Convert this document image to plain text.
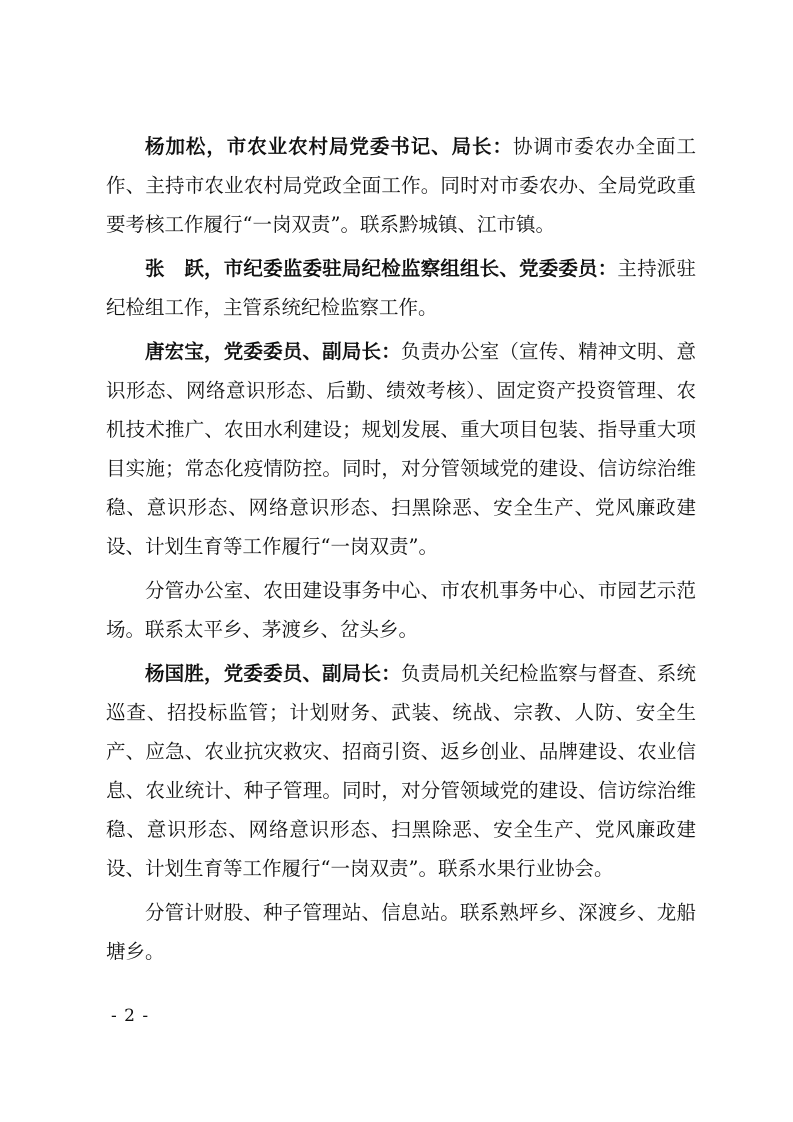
杨加松，市农业农村局党委书记、局长：协调市委农办全面工作、主持市农业农村局党政全面工作。同时对市委农办、全局党政重要考核工作履行“一岗双责”。联系黔城镇、江市镇。

张　跃，市纪委监委驻局纪检监察组组长、党委委员：主持派驻纪检组工作，主管系统纪检监察工作。

唐宏宝，党委委员、副局长：负责办公室（宣传、精神文明、意识形态、网络意识形态、后勤、绩效考核）、固定资产投资管理、农机技术推广、农田水利建设；规划发展、重大项目包装、指导重大项目实施；常态化疫情防控。同时，对分管领域党的建设、信访综治维稳、意识形态、网络意识形态、扫黑除恶、安全生产、党风廉政建设、计划生育等工作履行“一岗双责”。

分管办公室、农田建设事务中心、市农机事务中心、市园艺示范场。联系太平乡、茅渡乡、岔头乡。

杨国胜，党委委员、副局长：负责局机关纪检监察与督查、系统巡查、招投标监管；计划财务、武装、统战、宗教、人防、安全生产、应急、农业抗灾救灾、招商引资、返乡创业、品牌建设、农业信息、农业统计、种子管理。同时，对分管领域党的建设、信访综治维稳、意识形态、网络意识形态、扫黑除恶、安全生产、党风廉政建设、计划生育等工作履行“一岗双责”。联系水果行业协会。

分管计财股、种子管理站、信息站。联系熟坪乡、深渡乡、龙船塘乡。

- 2 -
